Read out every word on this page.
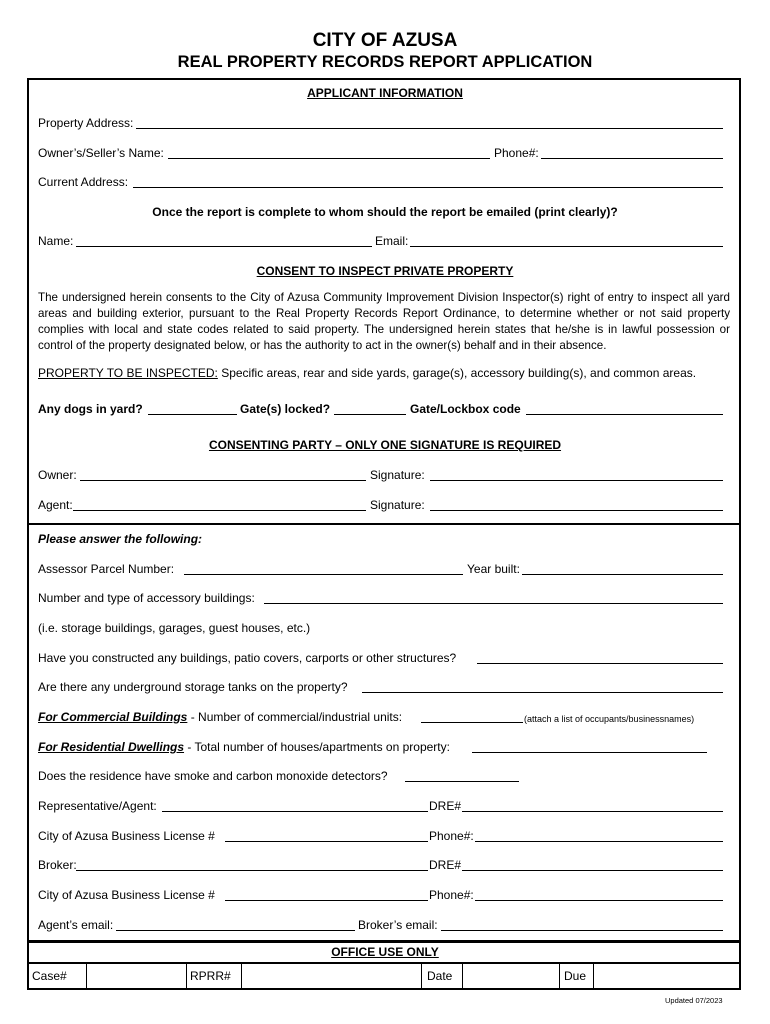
CITY OF AZUSA
REAL PROPERTY RECORDS REPORT APPLICATION
APPLICANT INFORMATION
Property Address:
Owner’s/Seller’s Name:	Phone#:
Current Address:
Once the report is complete to whom should the report be emailed (print clearly)?
Name:	Email:
CONSENT TO INSPECT PRIVATE PROPERTY
The undersigned herein consents to the City of Azusa Community Improvement Division Inspector(s) right of entry to inspect all yard areas and building exterior, pursuant to the Real Property Records Report Ordinance, to determine whether or not said property complies with local and state codes related to said property. The undersigned herein states that he/she is in lawful possession or control of the property designated below, or has the authority to act in the owner(s) behalf and in their absence.
PROPERTY TO BE INSPECTED: Specific areas, rear and side yards, garage(s), accessory building(s), and common areas.
Any dogs in yard?	Gate(s) locked?	Gate/Lockbox code
CONSENTING PARTY – ONLY ONE SIGNATURE IS REQUIRED
Owner:	Signature:
Agent:	Signature:
Please answer the following:
Assessor Parcel Number:	Year built:
Number and type of accessory buildings:
(i.e. storage buildings, garages, guest houses, etc.)
Have you constructed any buildings, patio covers, carports or other structures?
Are there any underground storage tanks on the property?
For Commercial Buildings - Number of commercial/industrial units:	(attach a list of occupants/businessnames)
For Residential Dwellings - Total number of houses/apartments on property:
Does the residence have smoke and carbon monoxide detectors?
Representative/Agent:	DRE#
City of Azusa Business License #	Phone#:
Broker:	DRE#
City of Azusa Business License #	Phone#:
Agent’s email:	Broker’s email:
OFFICE USE ONLY
Case#	RPRR#	Date	Due
Updated 07/2023
